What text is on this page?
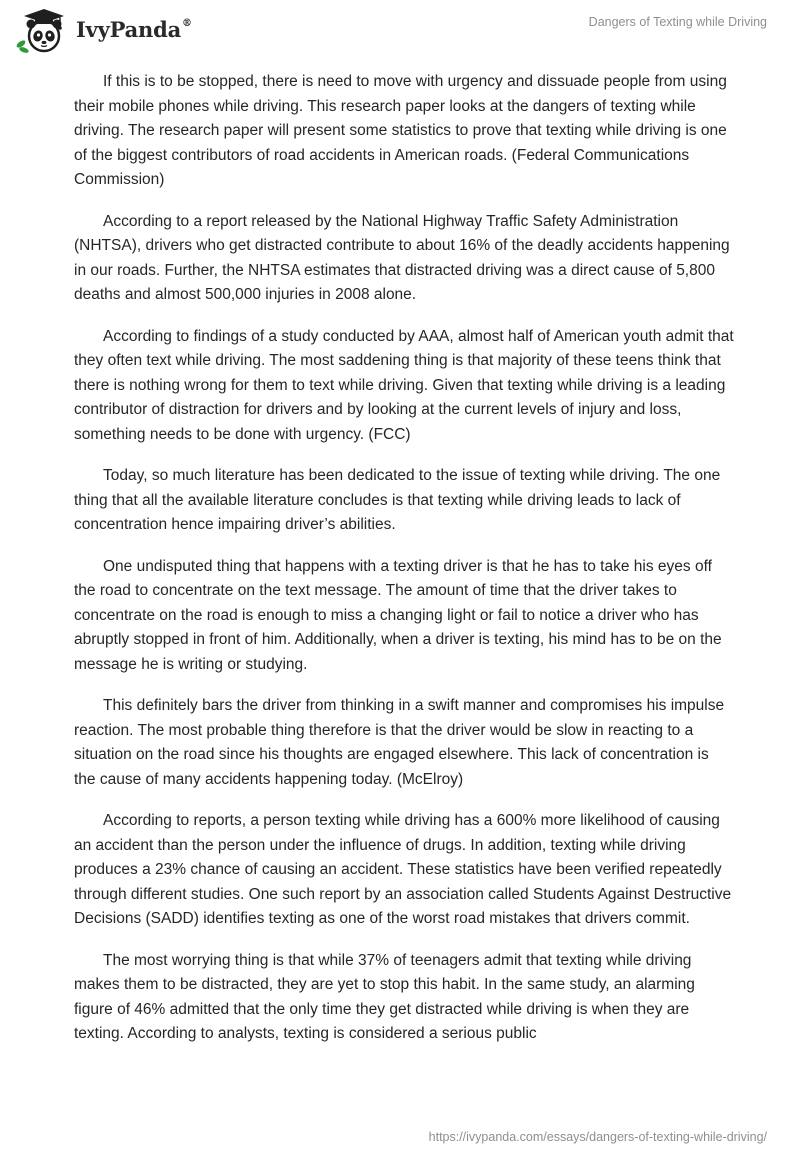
IvyPanda®	Dangers of Texting while Driving

If this is to be stopped, there is need to move with urgency and dissuade people from using their mobile phones while driving. This research paper looks at the dangers of texting while driving. The research paper will present some statistics to prove that texting while driving is one of the biggest contributors of road accidents in American roads. (Federal Communications Commission)

According to a report released by the National Highway Traffic Safety Administration (NHTSA), drivers who get distracted contribute to about 16% of the deadly accidents happening in our roads. Further, the NHTSA estimates that distracted driving was a direct cause of 5,800 deaths and almost 500,000 injuries in 2008 alone.

According to findings of a study conducted by AAA, almost half of American youth admit that they often text while driving. The most saddening thing is that majority of these teens think that there is nothing wrong for them to text while driving. Given that texting while driving is a leading contributor of distraction for drivers and by looking at the current levels of injury and loss, something needs to be done with urgency. (FCC)

Today, so much literature has been dedicated to the issue of texting while driving. The one thing that all the available literature concludes is that texting while driving leads to lack of concentration hence impairing driver’s abilities.

One undisputed thing that happens with a texting driver is that he has to take his eyes off the road to concentrate on the text message. The amount of time that the driver takes to concentrate on the road is enough to miss a changing light or fail to notice a driver who has abruptly stopped in front of him. Additionally, when a driver is texting, his mind has to be on the message he is writing or studying.

This definitely bars the driver from thinking in a swift manner and compromises his impulse reaction. The most probable thing therefore is that the driver would be slow in reacting to a situation on the road since his thoughts are engaged elsewhere. This lack of concentration is the cause of many accidents happening today. (McElroy)

According to reports, a person texting while driving has a 600% more likelihood of causing an accident than the person under the influence of drugs. In addition, texting while driving produces a 23% chance of causing an accident. These statistics have been verified repeatedly through different studies. One such report by an association called Students Against Destructive Decisions (SADD) identifies texting as one of the worst road mistakes that drivers commit.

The most worrying thing is that while 37% of teenagers admit that texting while driving makes them to be distracted, they are yet to stop this habit. In the same study, an alarming figure of 46% admitted that the only time they get distracted while driving is when they are texting. According to analysts, texting is considered a serious public

https://ivypanda.com/essays/dangers-of-texting-while-driving/
